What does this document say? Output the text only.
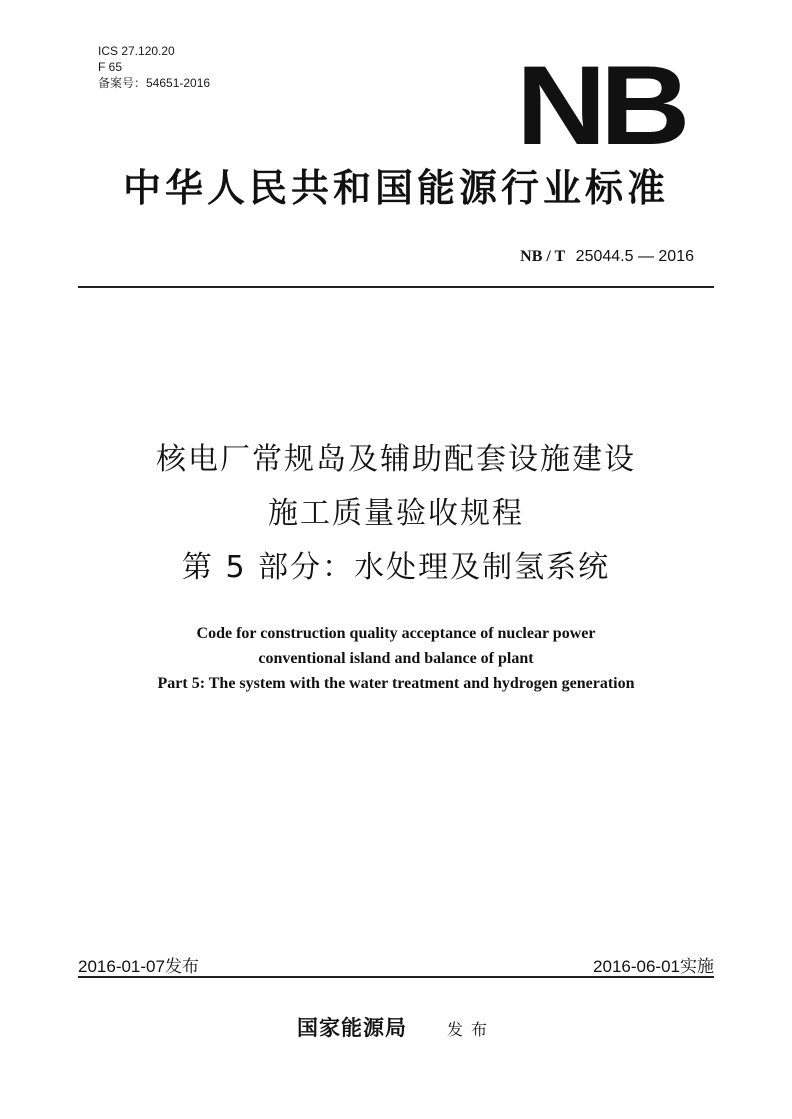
ICS 27.120.20
F 65
备案号：54651-2016	NB
中华人民共和国能源行业标准
NB / T 25044.5 — 2016
核电厂常规岛及辅助配套设施建设
施工质量验收规程
第 5 部分：水处理及制氢系统
Code for construction quality acceptance of nuclear power
conventional island and balance of plant
Part 5: The system with the water treatment and hydrogen generation
2016-01-07发布	2016-06-01实施
国家能源局	发布
